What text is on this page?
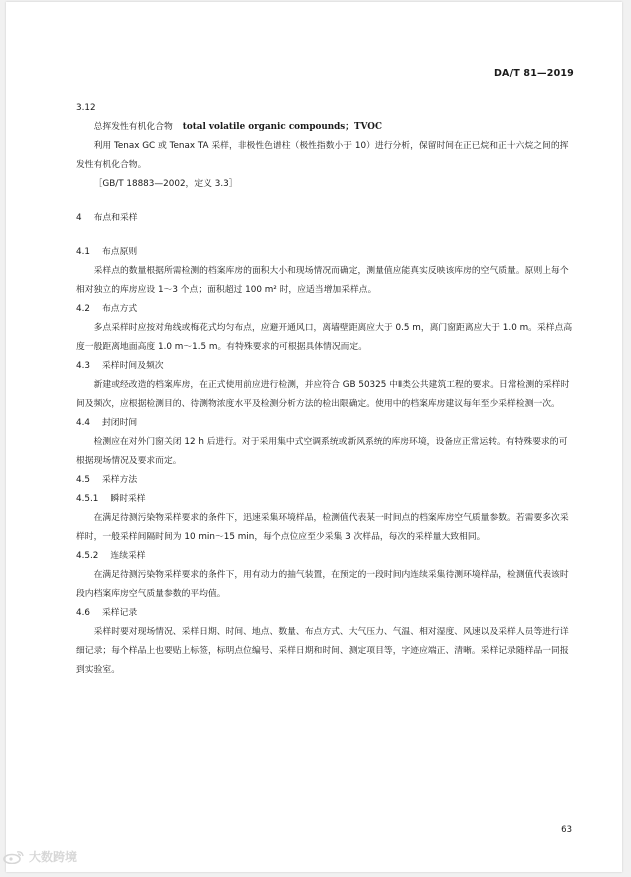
DA/T 81—2019

3.12

总挥发性有机化合物 total volatile organic compounds；TVOC

利用 Tenax GC 或 Tenax TA 采样，非极性色谱柱（极性指数小于 10）进行分析，保留时间在正已烷和正十六烷之间的挥发性有机化合物。

［GB/T 18883—2002，定义 3.3］

4 布点和采样

4.1 布点原则

采样点的数量根据所需检测的档案库房的面积大小和现场情况而确定，测量值应能真实反映该库房的空气质量。原则上每个相对独立的库房应设 1～3 个点；面积超过 100 m² 时，应适当增加采样点。

4.2 布点方式

多点采样时应按对角线或梅花式均匀布点，应避开通风口，离墙壁距离应大于 0.5 m，离门窗距离应大于 1.0 m。采样点高度一般距离地面高度 1.0 m～1.5 m。有特殊要求的可根据具体情况而定。

4.3 采样时间及频次

新建或经改造的档案库房，在正式使用前应进行检测，并应符合 GB 50325 中Ⅱ类公共建筑工程的要求。日常检测的采样时间及频次，应根据检测目的、待测物浓度水平及检测分析方法的检出限确定。使用中的档案库房建议每年至少采样检测一次。

4.4 封闭时间

检测应在对外门窗关闭 12 h 后进行。对于采用集中式空调系统或新风系统的库房环境，设备应正常运转。有特殊要求的可根据现场情况及要求而定。

4.5 采样方法

4.5.1 瞬时采样

在满足待测污染物采样要求的条件下，迅速采集环境样品，检测值代表某一时间点的档案库房空气质量参数。若需要多次采样时，一般采样间隔时间为 10 min～15 min，每个点位应至少采集 3 次样品，每次的采样量大致相同。

4.5.2 连续采样

在满足待测污染物采样要求的条件下，用有动力的抽气装置，在预定的一段时间内连续采集待测环境样品，检测值代表该时段内档案库房空气质量参数的平均值。

4.6 采样记录

采样时要对现场情况、采样日期、时间、地点、数量、布点方式、大气压力、气温、相对湿度、风速以及采样人员等进行详细记录；每个样品上也要贴上标签，标明点位编号、采样日期和时间、测定项目等，字迹应端正、清晰。采样记录随样品一同报到实验室。

63
大数跨境
